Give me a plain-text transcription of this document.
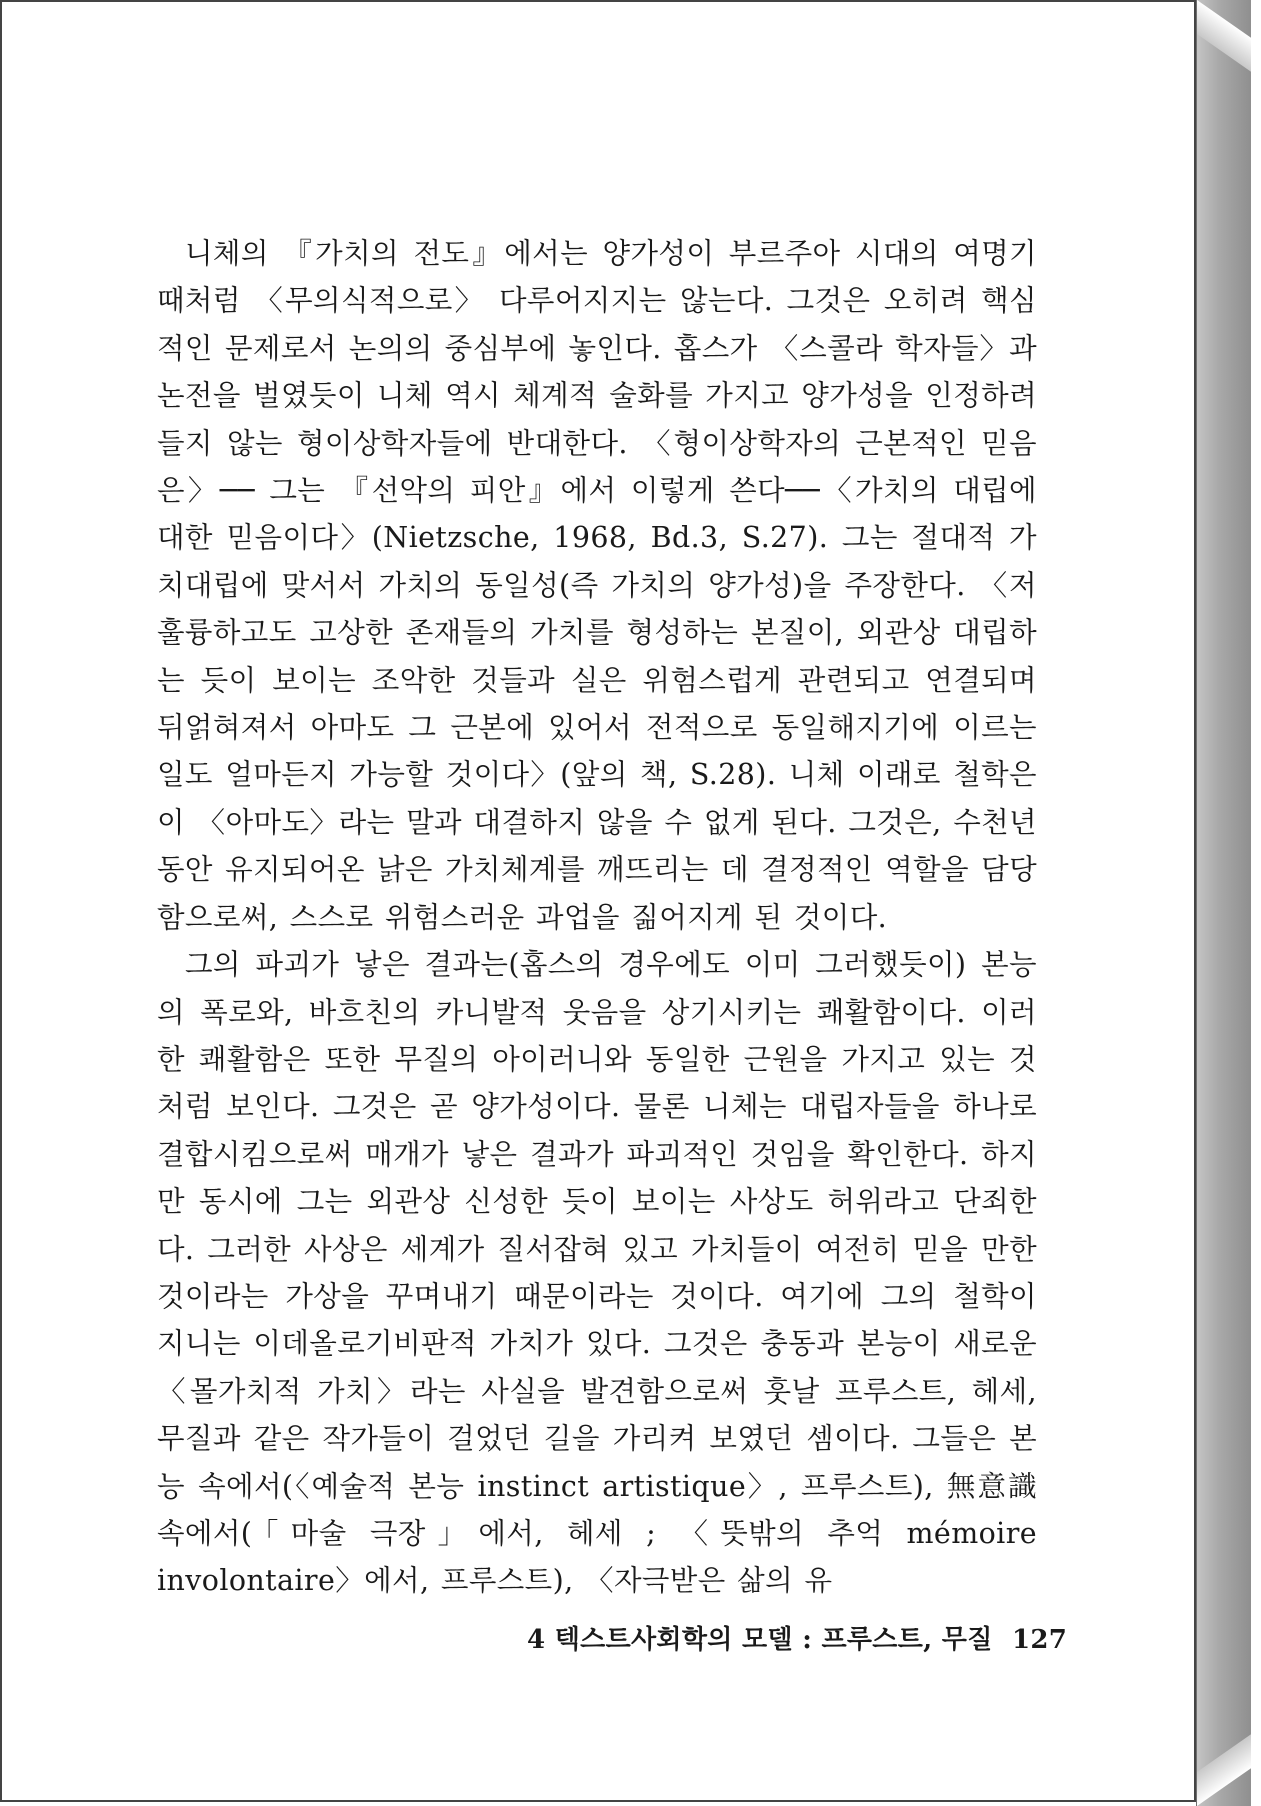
니체의 『가치의 전도』에서는 양가성이 부르주아 시대의 여명기 때처럼 〈무의식적으로〉 다루어지지는 않는다. 그것은 오히려 핵심적인 문제로서 논의의 중심부에 놓인다. 홉스가 〈스콜라 학자들〉과 논전을 벌였듯이 니체 역시 체계적 술화를 가지고 양가성을 인정하려 들지 않는 형이상학자들에 반대한다. 〈형이상학자의 근본적인 믿음은〉── 그는 『선악의 피안』에서 이렇게 쓴다──〈가치의 대립에 대한 믿음이다〉(Nietzsche, 1968, Bd.3, S.27). 그는 절대적 가치대립에 맞서서 가치의 동일성(즉 가치의 양가성)을 주장한다. 〈저 훌륭하고도 고상한 존재들의 가치를 형성하는 본질이, 외관상 대립하는 듯이 보이는 조악한 것들과 실은 위험스럽게 관련되고 연결되며 뒤얽혀져서 아마도 그 근본에 있어서 전적으로 동일해지기에 이르는 일도 얼마든지 가능할 것이다〉(앞의 책, S.28). 니체 이래로 철학은 이 〈아마도〉라는 말과 대결하지 않을 수 없게 된다. 그것은, 수천년 동안 유지되어온 낡은 가치체계를 깨뜨리는 데 결정적인 역할을 담당함으로써, 스스로 위험스러운 과업을 짊어지게 된 것이다.

그의 파괴가 낳은 결과는(홉스의 경우에도 이미 그러했듯이) 본능의 폭로와, 바흐친의 카니발적 웃음을 상기시키는 쾌활함이다. 이러한 쾌활함은 또한 무질의 아이러니와 동일한 근원을 가지고 있는 것처럼 보인다. 그것은 곧 양가성이다. 물론 니체는 대립자들을 하나로 결합시킴으로써 매개가 낳은 결과가 파괴적인 것임을 확인한다. 하지만 동시에 그는 외관상 신성한 듯이 보이는 사상도 허위라고 단죄한다. 그러한 사상은 세계가 질서잡혀 있고 가치들이 여전히 믿을 만한 것이라는 가상을 꾸며내기 때문이라는 것이다. 여기에 그의 철학이 지니는 이데올로기비판적 가치가 있다. 그것은 충동과 본능이 새로운 〈몰가치적 가치〉라는 사실을 발견함으로써 훗날 프루스트, 헤세, 무질과 같은 작가들이 걸었던 길을 가리켜 보였던 셈이다. 그들은 본능 속에서(〈예술적 본능 instinct artistique〉, 프루스트), 無意識 속에서(「마술 극장」에서, 헤세 ; 〈뜻밖의 추억 mémoire involontaire〉에서, 프루스트), 〈자극받은 삶의 유

4 텍스트사회학의 모델 : 프루스트, 무질 127
